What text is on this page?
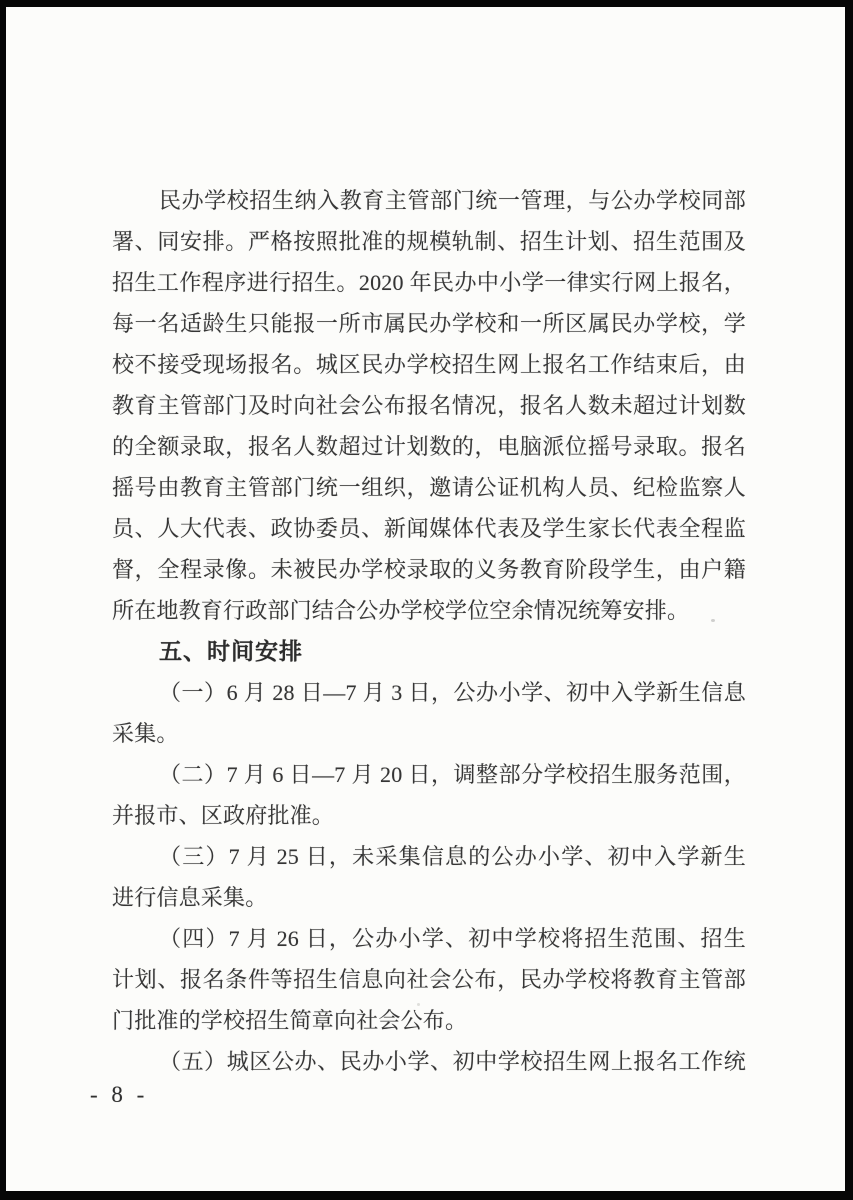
民办学校招生纳入教育主管部门统一管理，与公办学校同部
署、同安排。严格按照批准的规模轨制、招生计划、招生范围及
招生工作程序进行招生。2020 年民办中小学一律实行网上报名，
每一名适龄生只能报一所市属民办学校和一所区属民办学校，学
校不接受现场报名。城区民办学校招生网上报名工作结束后，由
教育主管部门及时向社会公布报名情况，报名人数未超过计划数
的全额录取，报名人数超过计划数的，电脑派位摇号录取。报名
摇号由教育主管部门统一组织，邀请公证机构人员、纪检监察人
员、人大代表、政协委员、新闻媒体代表及学生家长代表全程监
督，全程录像。未被民办学校录取的义务教育阶段学生，由户籍
所在地教育行政部门结合公办学校学位空余情况统筹安排。
五、时间安排
（一）6 月 28 日—7 月 3 日，公办小学、初中入学新生信息
采集。
（二）7 月 6 日—7 月 20 日，调整部分学校招生服务范围，
并报市、区政府批准。
（三）7 月 25 日，未采集信息的公办小学、初中入学新生
进行信息采集。
（四）7 月 26 日，公办小学、初中学校将招生范围、招生
计划、报名条件等招生信息向社会公布，民办学校将教育主管部
门批准的学校招生简章向社会公布。
（五）城区公办、民办小学、初中学校招生网上报名工作统
- 8 -
